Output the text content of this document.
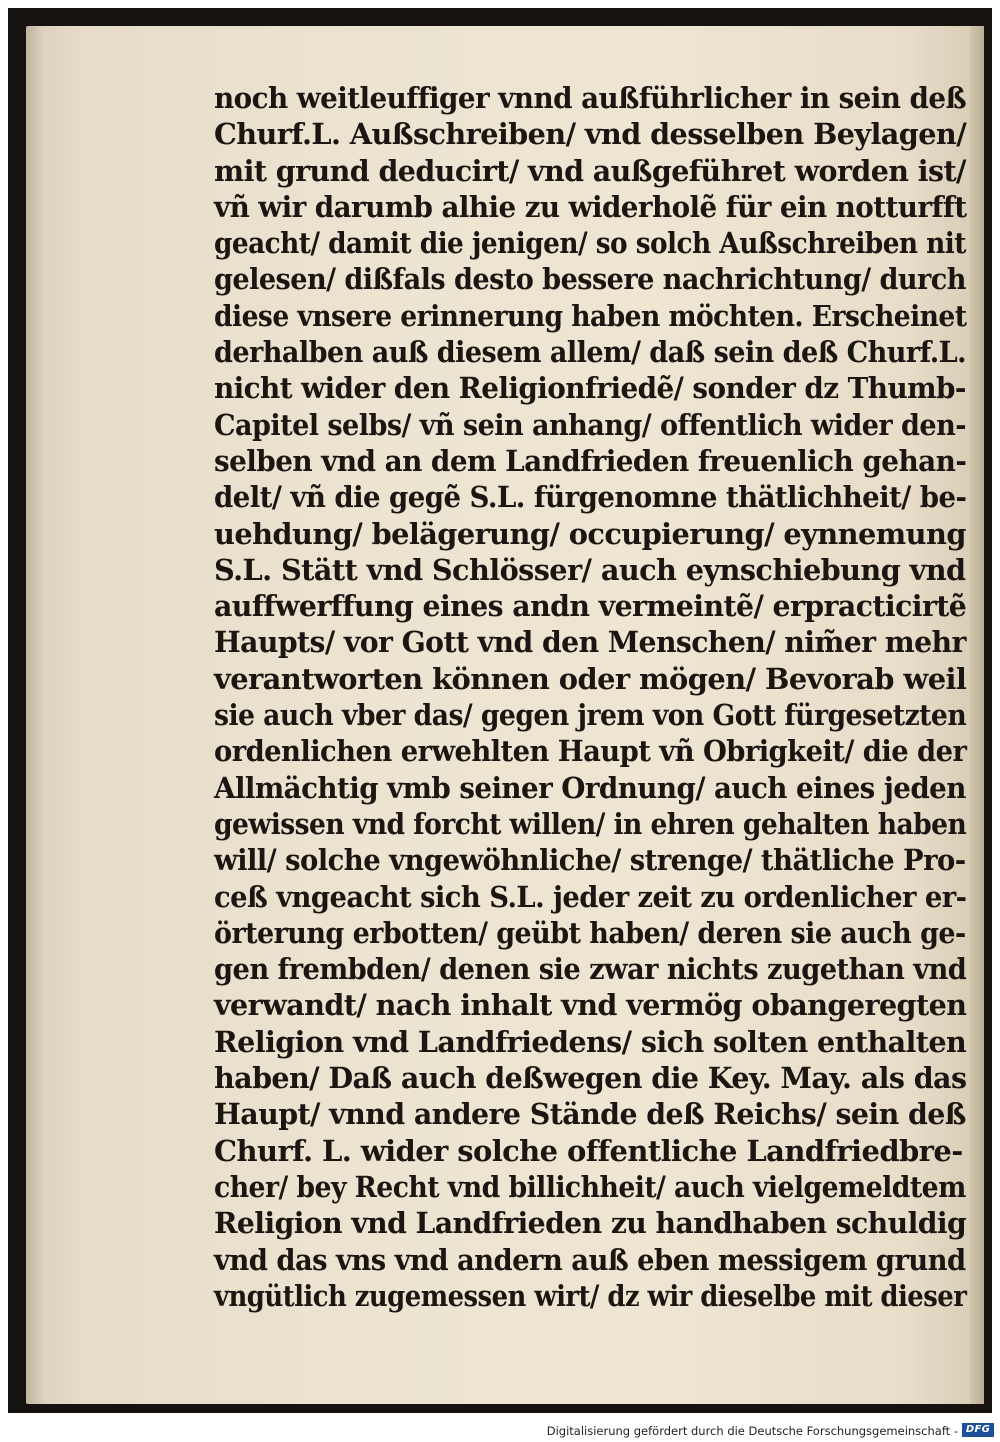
noch weitleuffiger vnnd außführlicher in sein deß
Churf.L. Außschreiben/ vnd desselben Beylagen/
mit grund deducirt/ vnd außgeführet worden ist/
vñ wir darumb alhie zu widerholẽ für ein notturfft
geacht/ damit die jenigen/ so solch Außschreiben nit
gelesen/ dißfals desto bessere nachrichtung/ durch
diese vnsere erinnerung haben möchten. Erscheinet
derhalben auß diesem allem/ daß sein deß Churf.L.
nicht wider den Religionfriedẽ/ sonder dz Thumb-
Capitel selbs/ vñ sein anhang/ offentlich wider den-
selben vnd an dem Landfrieden freuenlich gehan-
delt/ vñ die gegẽ S.L. fürgenomne thätlichheit/ be-
uehdung/ belägerung/ occupierung/ eynnemung
S.L. Stätt vnd Schlösser/ auch eynschiebung vnd
auffwerffung eines andn vermeintẽ/ erpracticirtẽ
Haupts/ vor Gott vnd den Menschen/ nim̃er mehr
verantworten können oder mögen/ Bevorab weil
sie auch vber das/ gegen jrem von Gott fürgesetzten
ordenlichen erwehlten Haupt vñ Obrigkeit/ die der
Allmächtig vmb seiner Ordnung/ auch eines jeden
gewissen vnd forcht willen/ in ehren gehalten haben
will/ solche vngewöhnliche/ strenge/ thätliche Pro-
ceß vngeacht sich S.L. jeder zeit zu ordenlicher er-
örterung erbotten/ geübt haben/ deren sie auch ge-
gen frembden/ denen sie zwar nichts zugethan vnd
verwandt/ nach inhalt vnd vermög obangeregten
Religion vnd Landfriedens/ sich solten enthalten
haben/ Daß auch deßwegen die Key. May. als das
Haupt/ vnnd andere Stände deß Reichs/ sein deß
Churf. L. wider solche offentliche Landfriedbre-
cher/ bey Recht vnd billichheit/ auch vielgemeldtem
Religion vnd Landfrieden zu handhaben schuldig
vnd das vns vnd andern auß eben messigem grund
vngütlich zugemessen wirt/ dz wir dieselbe mit dieser
Digitalisierung gefördert durch die Deutsche Forschungsgemeinschaft - DFG
